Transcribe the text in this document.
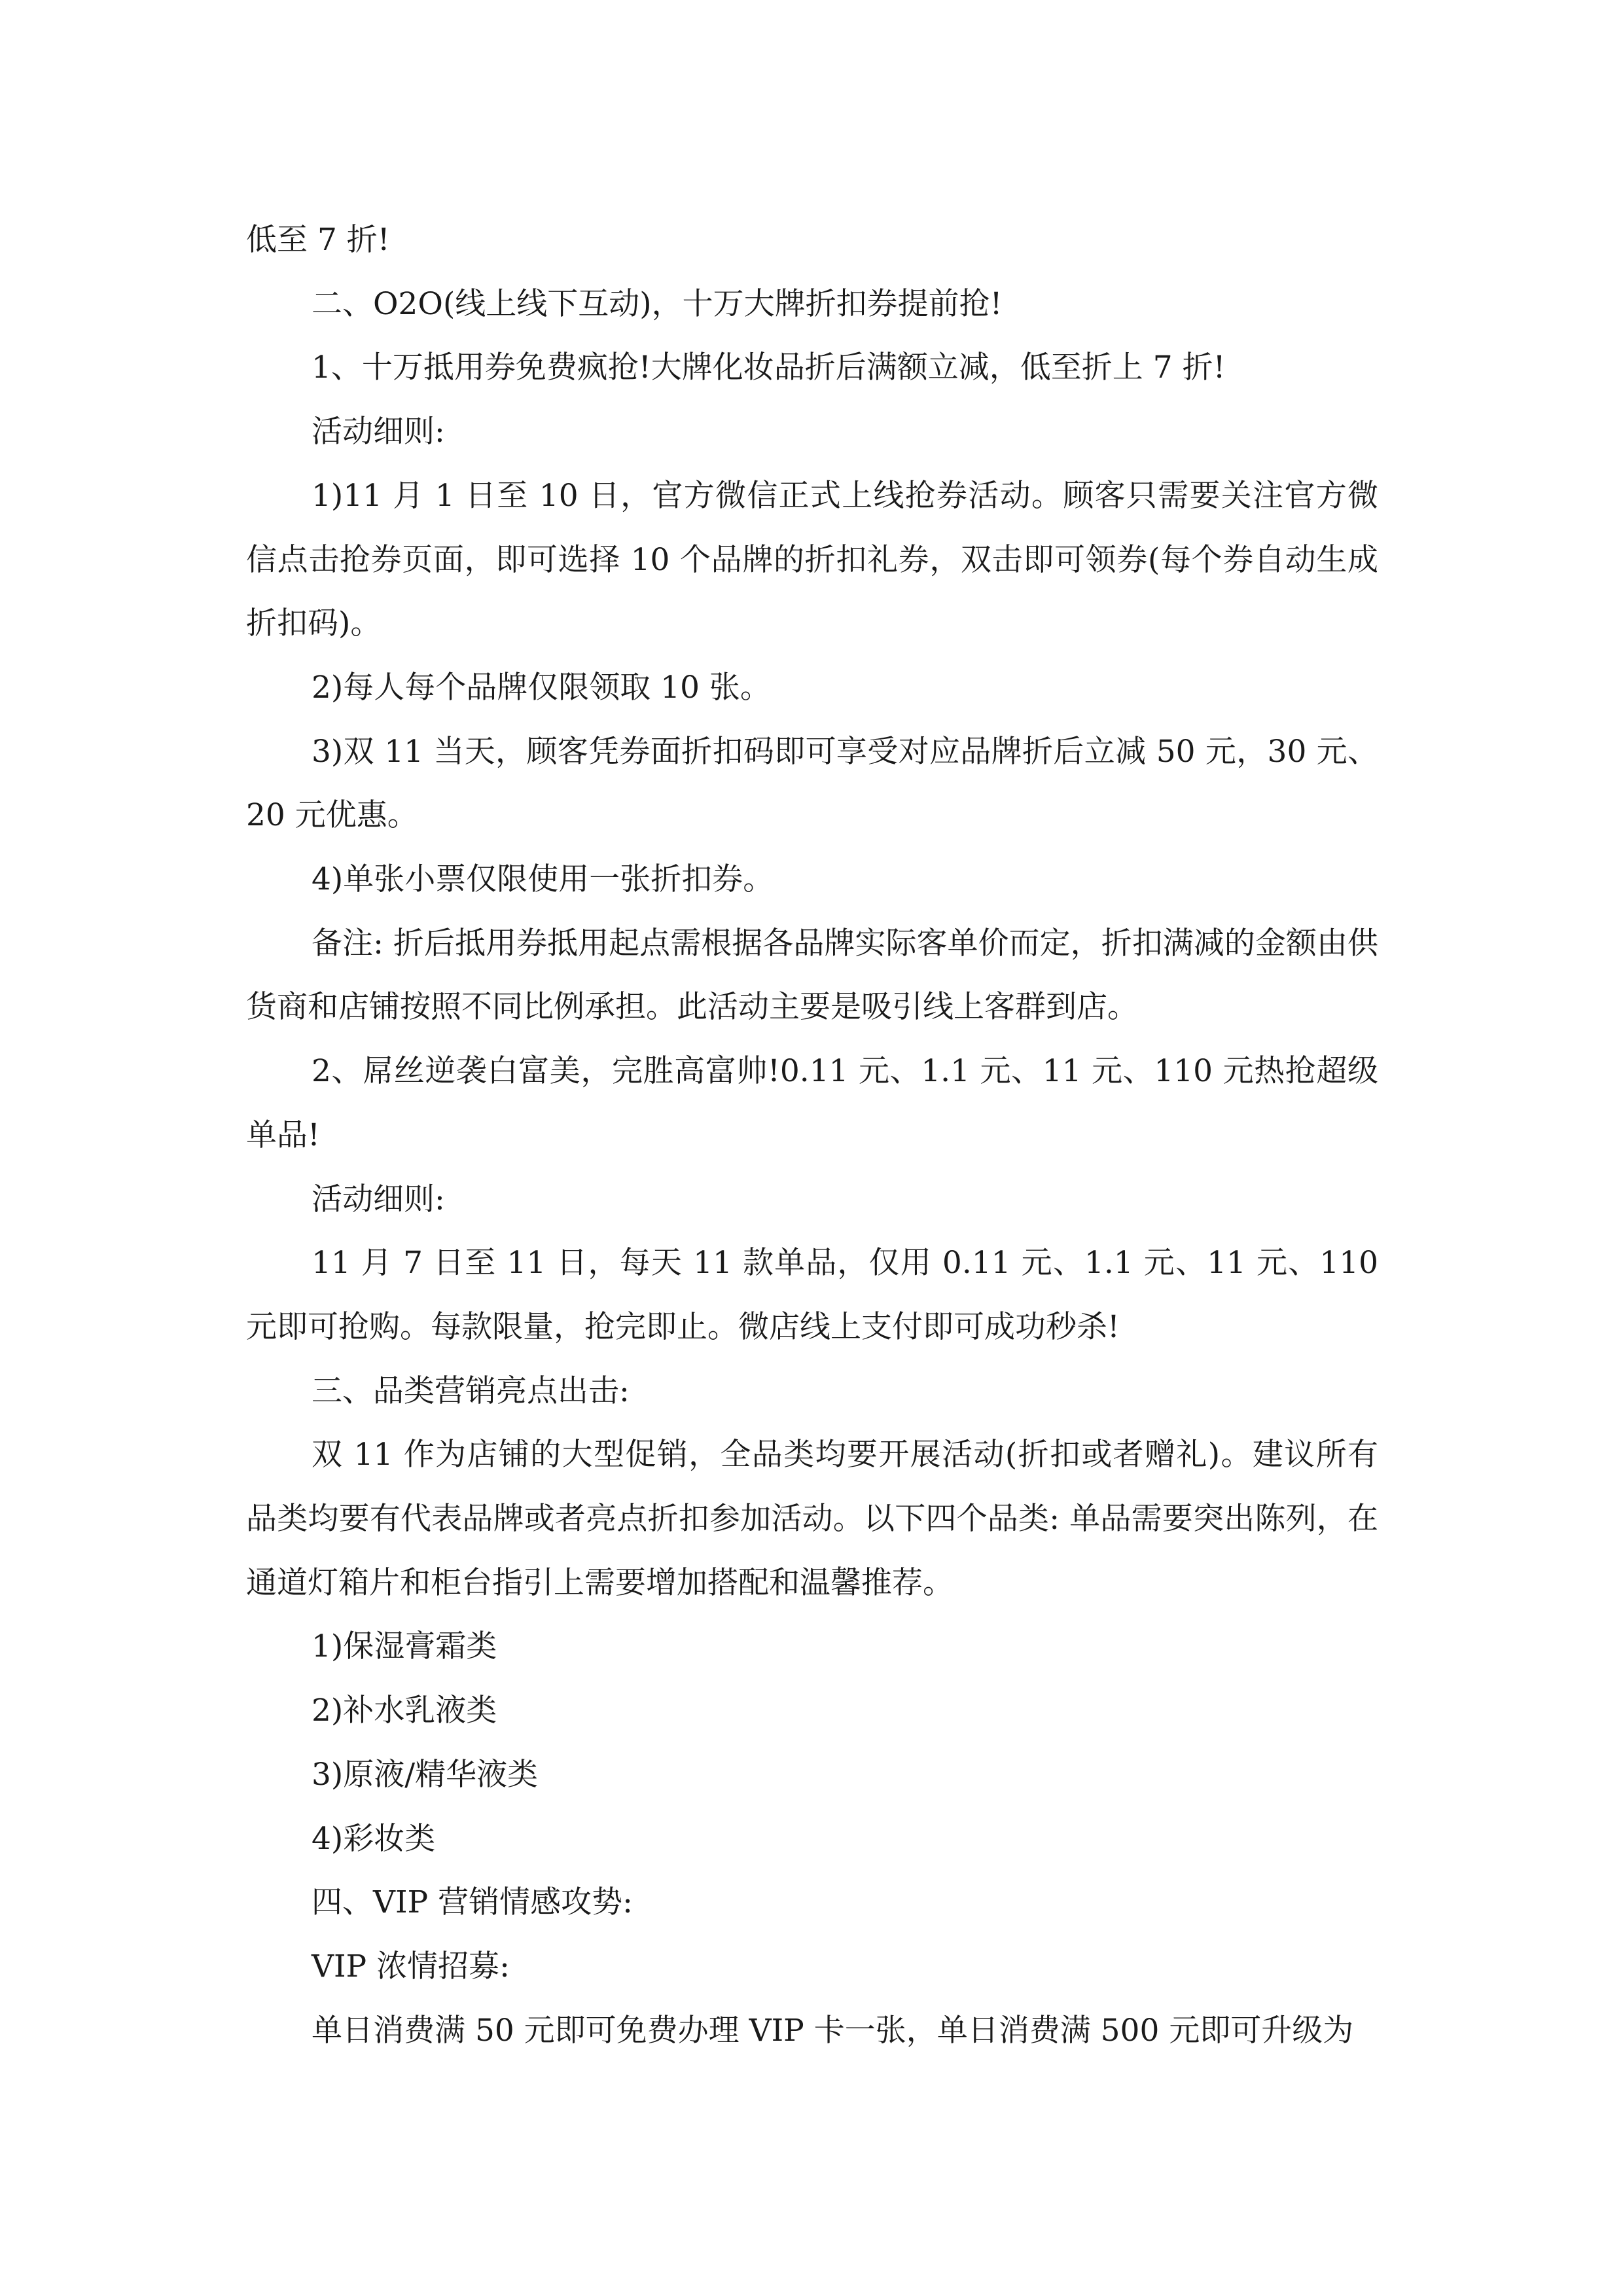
低至 7 折!

二、O2O(线上线下互动)，十万大牌折扣券提前抢!

1、十万抵用券免费疯抢!大牌化妆品折后满额立减，低至折上 7 折!

活动细则:

1)11 月 1 日至 10 日，官方微信正式上线抢券活动。顾客只需要关注官方微信点击抢券页面，即可选择 10 个品牌的折扣礼券，双击即可领券(每个券自动生成折扣码)。

2)每人每个品牌仅限领取 10 张。

3)双 11 当天，顾客凭券面折扣码即可享受对应品牌折后立减 50 元，30 元、20 元优惠。

4)单张小票仅限使用一张折扣券。

备注: 折后抵用券抵用起点需根据各品牌实际客单价而定，折扣满减的金额由供货商和店铺按照不同比例承担。此活动主要是吸引线上客群到店。

2、屌丝逆袭白富美，完胜高富帅!0.11 元、1.1 元、11 元、110 元热抢超级单品!

活动细则:

11 月 7 日至 11 日，每天 11 款单品，仅用 0.11 元、1.1 元、11 元、110 元即可抢购。每款限量，抢完即止。微店线上支付即可成功秒杀!

三、品类营销亮点出击:

双 11 作为店铺的大型促销，全品类均要开展活动(折扣或者赠礼)。建议所有品类均要有代表品牌或者亮点折扣参加活动。以下四个品类: 单品需要突出陈列，在通道灯箱片和柜台指引上需要增加搭配和温馨推荐。

1)保湿膏霜类

2)补水乳液类

3)原液/精华液类

4)彩妆类

四、VIP 营销情感攻势:

VIP 浓情招募:

单日消费满 50 元即可免费办理 VIP 卡一张，单日消费满 500 元即可升级为
